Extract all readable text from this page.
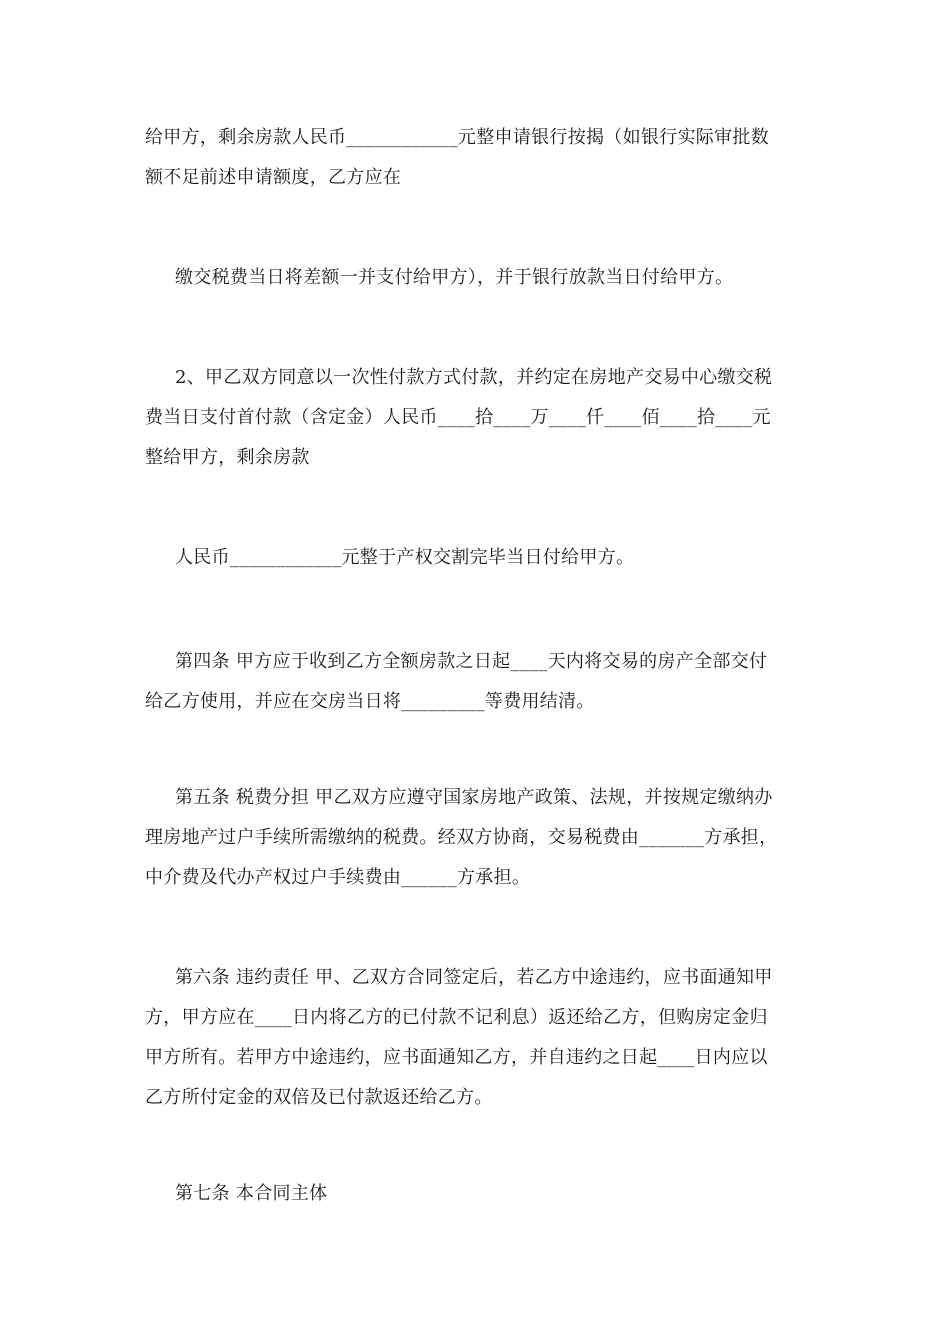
给甲方，剩余房款人民币____________元整申请银行按揭（如银行实际审批数

额不足前述申请额度，乙方应在

缴交税费当日将差额一并支付给甲方），并于银行放款当日付给甲方。

2、甲乙双方同意以一次性付款方式付款，并约定在房地产交易中心缴交税

费当日支付首付款（含定金）人民币____拾____万____仟____佰____拾____元

整给甲方，剩余房款

人民币____________元整于产权交割完毕当日付给甲方。

第四条 甲方应于收到乙方全额房款之日起____天内将交易的房产全部交付

给乙方使用，并应在交房当日将_________等费用结清。

第五条 税费分担 甲乙双方应遵守国家房地产政策、法规，并按规定缴纳办

理房地产过户手续所需缴纳的税费。经双方协商，交易税费由_______方承担，

中介费及代办产权过户手续费由______方承担。

第六条 违约责任 甲、乙双方合同签定后，若乙方中途违约，应书面通知甲

方，甲方应在____日内将乙方的已付款不记利息）返还给乙方，但购房定金归

甲方所有。若甲方中途违约，应书面通知乙方，并自违约之日起____日内应以

乙方所付定金的双倍及已付款返还给乙方。

第七条 本合同主体
